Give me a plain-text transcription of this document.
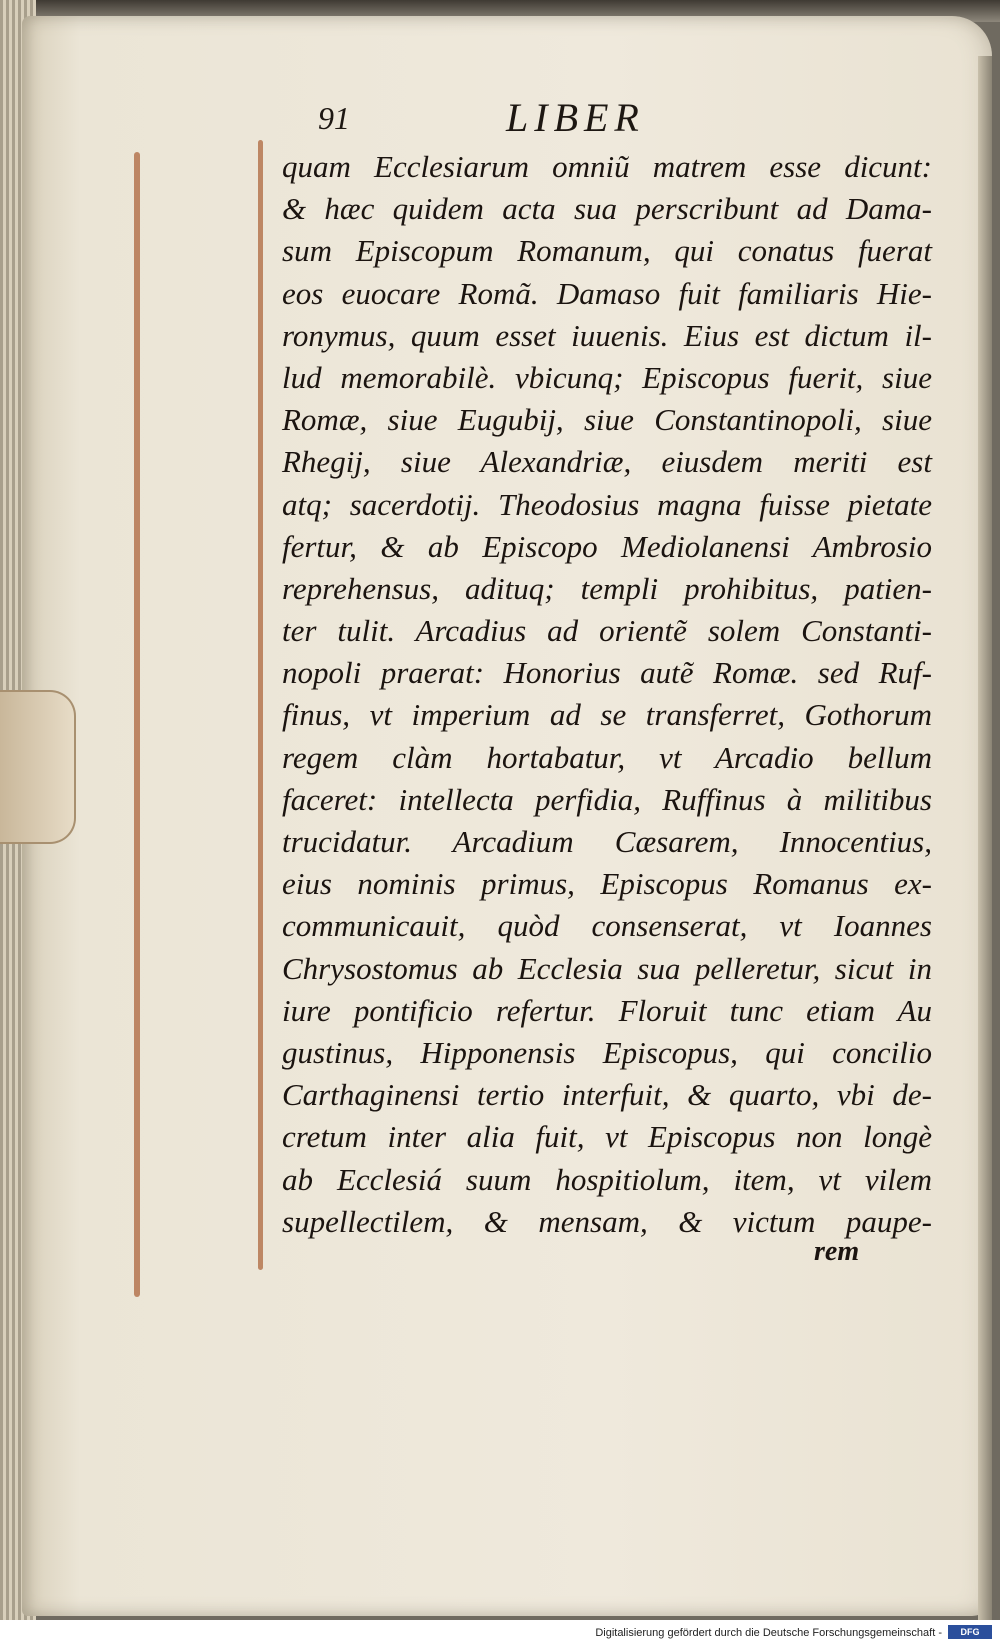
91	LIBER
quam Ecclesiarum omniũ matrem esse dicunt:
& hæc quidem acta sua perscribunt ad Dama-
sum Episcopum Romanum, qui conatus fuerat
eos euocare Romã. Damaso fuit familiaris Hie-
ronymus, quum esset iuuenis. Eius est dictum il-
lud memorabilè. vbicunq; Episcopus fuerit, siue
Romæ, siue Eugubij, siue Constantinopoli, siue
Rhegij, siue Alexandriæ, eiusdem meriti est
atq; sacerdotij. Theodosius magna fuisse pietate
fertur, & ab Episcopo Mediolanensi Ambrosio
reprehensus, adituq; templi prohibitus, patien-
ter tulit. Arcadius ad orientẽ solem Constanti-
nopoli praerat: Honorius autẽ Romæ. sed Ruf-
finus, vt imperium ad se transferret, Gothorum
regem clàm hortabatur, vt Arcadio bellum
faceret: intellecta perfidia, Ruffinus à militibus
trucidatur. Arcadium Cæsarem, Innocentius,
eius nominis primus, Episcopus Romanus ex-
communicauit, quòd consenserat, vt Ioannes
Chrysostomus ab Ecclesia sua pelleretur, sicut in
iure pontificio refertur. Floruit tunc etiam Au
gustinus, Hipponensis Episcopus, qui concilio
Carthaginensi tertio interfuit, & quarto, vbi de-
cretum inter alia fuit, vt Episcopus non longè
ab Ecclesiá suum hospitiolum, item, vt vilem
supellectilem, & mensam, & victum paupe-
rem
Digitalisierung gefördert durch die Deutsche Forschungsgemeinschaft -	DFG
